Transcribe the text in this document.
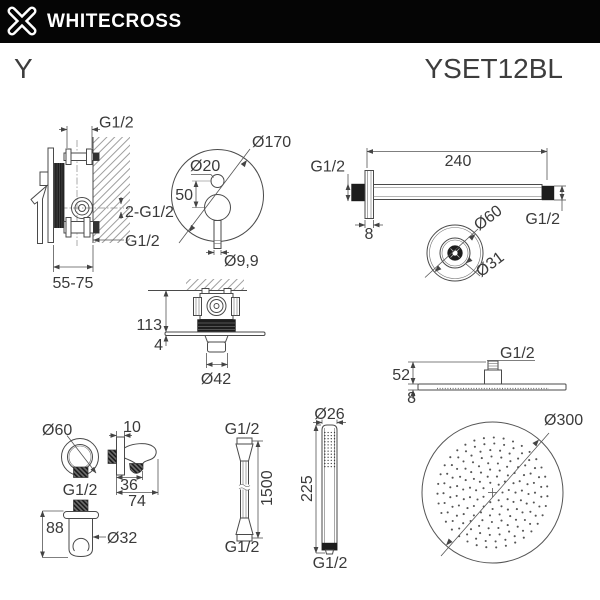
WHITECROSS
Y	YSET12BL
G1/2
2-G1/2
G1/2
55-75
Ø170
Ø20
50
Ø9,9
240
G1/2
G1/2
8
Ø60
Ø31
113
4
Ø42
G1/2
52
8
Ø60
G1/2
10
36
74
88
Ø32
G1/2
1500
G1/2
Ø26
225
G1/2
Ø300
